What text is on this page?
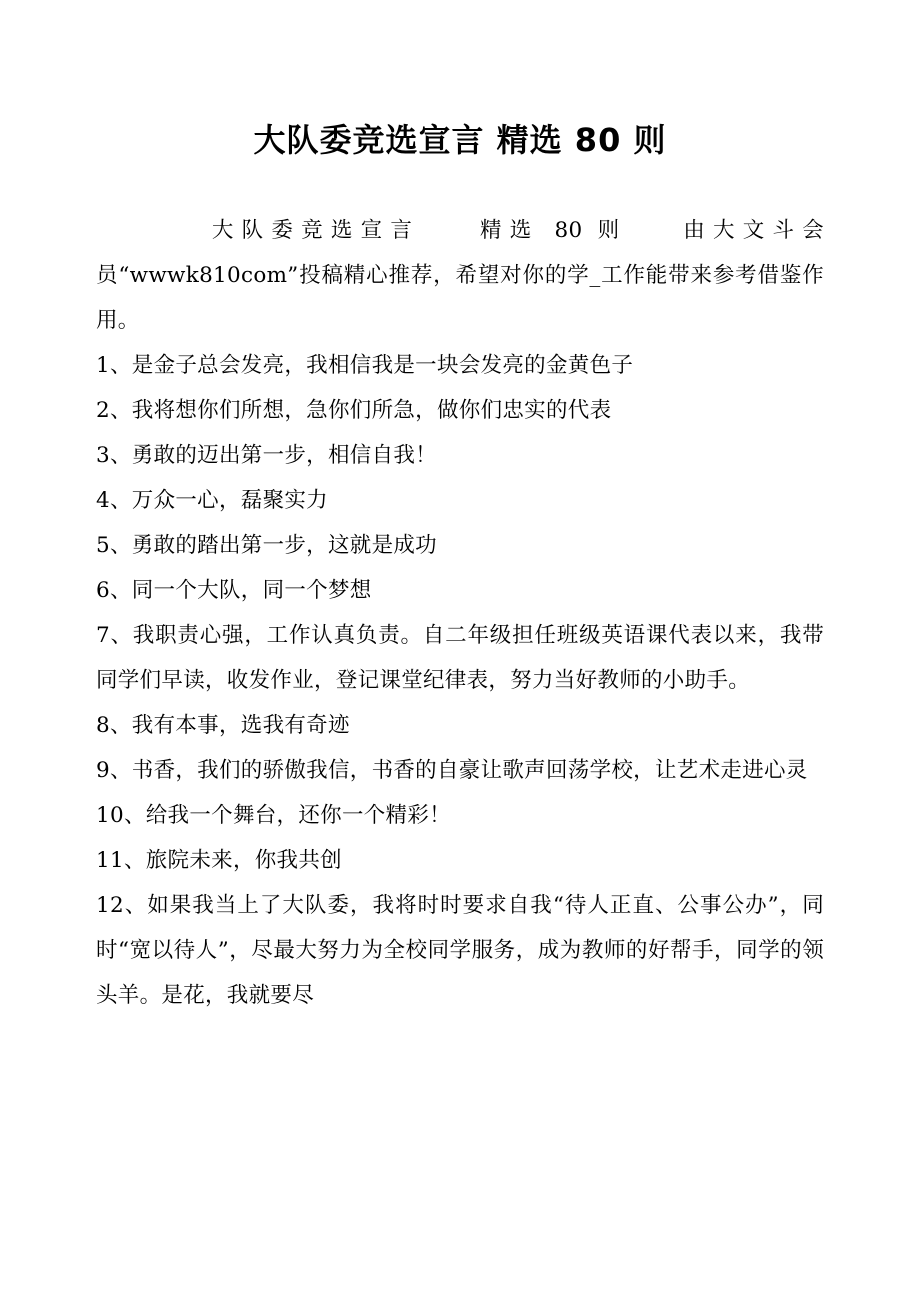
大队委竞选宣言 精选 80 则

大队委竞选宣言 精选 80 则 由大文斗会员“wwwk810com”投稿精心推荐，希望对你的学_工作能带来参考借鉴作用。

1、是金子总会发亮，我相信我是一块会发亮的金黄色子

2、我将想你们所想，急你们所急，做你们忠实的代表

3、勇敢的迈出第一步，相信自我！

4、万众一心，磊聚实力

5、勇敢的踏出第一步，这就是成功

6、同一个大队，同一个梦想

7、我职责心强，工作认真负责。自二年级担任班级英语课代表以来，我带同学们早读，收发作业，登记课堂纪律表，努力当好教师的小助手。

8、我有本事，选我有奇迹

9、书香，我们的骄傲我信，书香的自豪让歌声回荡学校，让艺术走进心灵

10、给我一个舞台，还你一个精彩！

11、旅院未来，你我共创

12、如果我当上了大队委，我将时时要求自我“待人正直、公事公办”，同时“宽以待人”，尽最大努力为全校同学服务，成为教师的好帮手，同学的领头羊。是花，我就要尽
